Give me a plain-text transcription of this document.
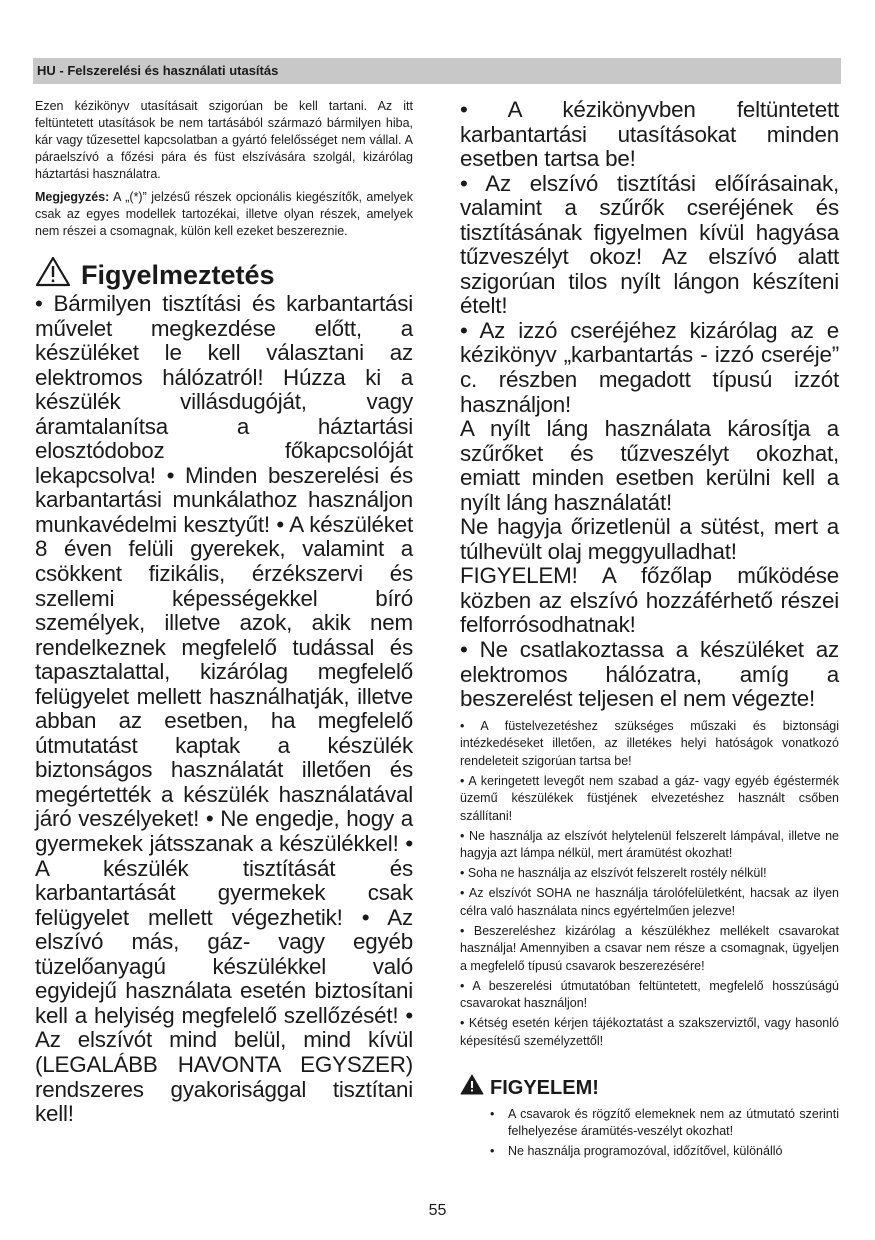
HU - Felszerelési és használati utasítás

Ezen kézikönyv utasításait szigorúan be kell tartani. Az itt feltüntetett utasítások be nem tartásából származó bármilyen hiba, kár vagy tűzesettel kapcsolatban a gyártó felelősséget nem vállal. A páraelszívó a főzési pára és füst elszívására szolgál, kizárólag háztartási használatra.

Megjegyzés: A „(*)” jelzésű részek opcionális kiegészítők, amelyek csak az egyes modellek tartozékai, illetve olyan részek, amelyek nem részei a csomagnak, külön kell ezeket beszereznie.

Figyelmeztetés

• Bármilyen tisztítási és karbantartási művelet megkezdése előtt, a készüléket le kell választani az elektromos hálózatról! Húzza ki a készülék villásdugóját, vagy áramtalanítsa a háztartási elosztódoboz főkapcsolóját lekapcsolva! • Minden beszerelési és karbantartási munkálathoz használjon munkavédelmi kesztyűt! • A készüléket 8 éven felüli gyerekek, valamint a csökkent fizikális, érzékszervi és szellemi képességekkel bíró személyek, illetve azok, akik nem rendelkeznek megfelelő tudással és tapasztalattal, kizárólag megfelelő felügyelet mellett használhatják, illetve abban az esetben, ha megfelelő útmutatást kaptak a készülék biztonságos használatát illetően és megértették a készülék használatával járó veszélyeket! • Ne engedje, hogy a gyermekek játsszanak a készülékkel! • A készülék tisztítását és karbantartását gyermekek csak felügyelet mellett végezhetik! • Az elszívó más, gáz- vagy egyéb tüzelőanyagú készülékkel való egyidejű használata esetén biztosítani kell a helyiség megfelelő szellőzését! • Az elszívót mind belül, mind kívül (LEGALÁBB HAVONTA EGYSZER) rendszeres gyakorisággal tisztítani kell!

• A kézikönyvben feltüntetett karbantartási utasításokat minden esetben tartsa be!

• Az elszívó tisztítási előírásainak, valamint a szűrők cseréjének és tisztításának figyelmen kívül hagyása tűzveszélyt okoz! Az elszívó alatt szigorúan tilos nyílt lángon készíteni ételt!

• Az izzó cseréjéhez kizárólag az e kézikönyv „karbantartás - izzó cseréje” c. részben megadott típusú izzót használjon!

A nyílt láng használata károsítja a szűrőket és tűzveszélyt okozhat, emiatt minden esetben kerülni kell a nyílt láng használatát!

Ne hagyja őrizetlenül a sütést, mert a túlhevült olaj meggyulladhat!

FIGYELEM! A főzőlap működése közben az elszívó hozzáférhető részei felforrósodhatnak!

• Ne csatlakoztassa a készüléket az elektromos hálózatra, amíg a beszerelést teljesen el nem végezte!

• A füstelvezetéshez szükséges műszaki és biztonsági intézkedéseket illetően, az illetékes helyi hatóságok vonatkozó rendeleteit szigorúan tartsa be!

• A keringetett levegőt nem szabad a gáz- vagy egyéb égéstermék üzemű készülékek füstjének elvezetéshez használt csőben szállítani!

• Ne használja az elszívót helytelenül felszerelt lámpával, illetve ne hagyja azt lámpa nélkül, mert áramütést okozhat!

• Soha ne használja az elszívót felszerelt rostély nélkül!

• Az elszívót SOHA ne használja tárolófelületként, hacsak az ilyen célra való használata nincs egyértelműen jelezve!

• Beszereléshez kizárólag a készülékhez mellékelt csavarokat használja! Amennyiben a csavar nem része a csomagnak, ügyeljen a megfelelő típusú csavarok beszerezésére!

• A beszerelési útmutatóban feltüntetett, megfelelő hosszúságú csavarokat használjon!

• Kétség esetén kérjen tájékoztatást a szakszerviztől, vagy hasonló képesítésű személyzettől!

FIGYELEM!
• A csavarok és rögzítő elemeknek nem az útmutató szerinti felhelyezése áramütés-veszélyt okozhat!
• Ne használja programozóval, időzítővel, különálló
55
